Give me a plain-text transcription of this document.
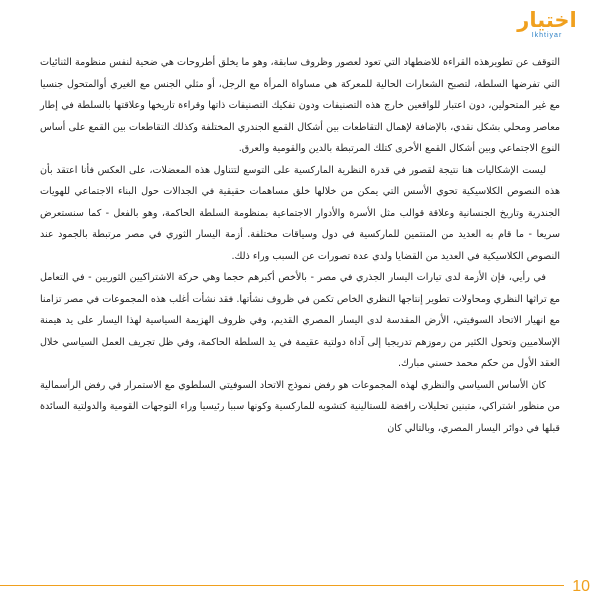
اختيار
Ikhtiyar

التوقف عن تطويرهذه القراءة للاضطهاد التي تعود لعصور وظروف سابقة، وهو ما يخلق أطروحات هي ضحية لنفس منظومة الثنائيات التي تفرضها السلطة، لتصبح الشعارات الحالية للمعركة هي مساواة المرأة مع الرجل، أو مثلي الجنس مع الغيري أوالمتحول جنسيا مع غير المتحولين، دون اعتبار للواقعين خارج هذه التصنيفات ودون تفكيك التصنيفات ذاتها وقراءة تاريخها وعلاقتها بالسلطة في إطار معاصر ومحلي بشكل نقدي، بالإضافة لإهمال التقاطعات بين أشكال القمع الجندري المختلفة وكذلك التقاطعات بين القمع على أساس النوع الاجتماعي وبين أشكال القمع الأخرى كتلك المرتبطة بالدين والقومية والعرق.

ليست الإشكاليات هنا نتيجة لقصور في قدرة النظرية الماركسية على التوسع لتتناول هذه المعضلات، على العكس فأنا اعتقد بأن هذه النصوص الكلاسيكية تحوي الأسس التي يمكن من خلالها خلق مساهمات حقيقية في الجدالات حول البناء الاجتماعي للهويات الجندرية وتاريخ الجنسانية وعلاقة قوالب مثل الأسرة والأدوار الاجتماعية بمنظومة السلطة الحاكمة، وهو بالفعل - كما سنستعرض سريعا - ما قام به العديد من المنتمين للماركسية في دول وسياقات مختلفة. أزمة اليسار الثوري في مصر مرتبطة بالجمود عند النصوص الكلاسيكية في العديد من القضايا ولدي عدة تصورات عن السبب وراء ذلك.

في رأيي، فإن الأزمة لدى تيارات اليسار الجذري في مصر - بالأخص أكبرهم حجما وهي حركة الاشتراكيين الثوريين - في التعامل مع تراثها النظري ومحاولات تطوير إنتاجها النظري الخاص تكمن في ظروف نشأتها. فقد نشأت أغلب هذه المجموعات في مصر تزامنا مع انهيار الاتحاد السوفيتي، الأرض المقدسة لدى اليسار المصري القديم، وفي ظروف الهزيمة السياسية لهذا اليسار على يد هيمنة الإسلاميين وتحول الكثير من رموزهم تدريجيا إلى آداة دولتية عقيمة في يد السلطة الحاكمة، وفي ظل تجريف العمل السياسي خلال العقد الأول من حكم محمد حسني مبارك.

كان الأساس السياسي والنظري لهذه المجموعات هو رفض نموذج الاتحاد السوفيتي السلطوي مع الاستمرار في رفض الرأسمالية من منظور اشتراكي، متبنين تحليلات رافضة للستالينية كتشويه للماركسية وكونها سببا رئيسيا وراء التوجهات القومية والدولتية السائدة قبلها في دوائر اليسار المصري، وبالتالي كان

10
